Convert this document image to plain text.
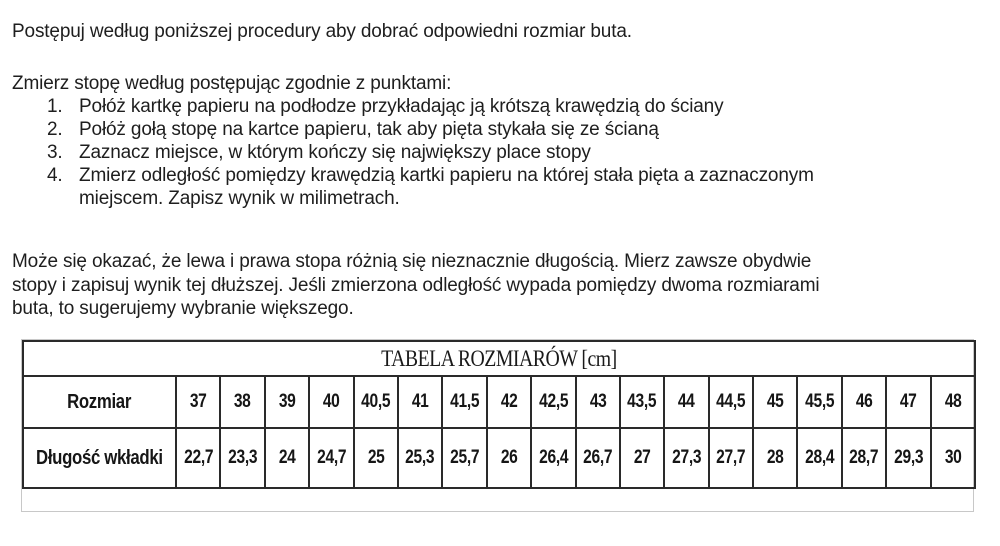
Postępuj według poniższej procedury aby dobrać odpowiedni rozmiar buta.

Zmierz stopę według postępując zgodnie z punktami:

1. Połóż kartkę papieru na podłodze przykładając ją krótszą krawędzią do ściany
2. Połóż gołą stopę na kartce papieru, tak aby pięta stykała się ze ścianą
3. Zaznacz miejsce, w którym kończy się największy place stopy
4. Zmierz odległość pomiędzy krawędzią kartki papieru na której stała pięta a zaznaczonym
miejscem. Zapisz wynik w milimetrach.

Może się okazać, że lewa i prawa stopa różnią się nieznacznie długością. Mierz zawsze obydwie
stopy i zapisuj wynik tej dłuższej. Jeśli zmierzona odległość wypada pomiędzy dwoma rozmiarami
buta, to sugerujemy wybranie większego.

TABELA ROZMIARÓW [cm]																		
Rozmiar	37	38	39	40	40,5	41	41,5	42	42,5	43	43,5	44	44,5	45	45,5	46	47	48
Długość wkładki	22,7	23,3	24	24,7	25	25,3	25,7	26	26,4	26,7	27	27,3	27,7	28	28,4	28,7	29,3	30
